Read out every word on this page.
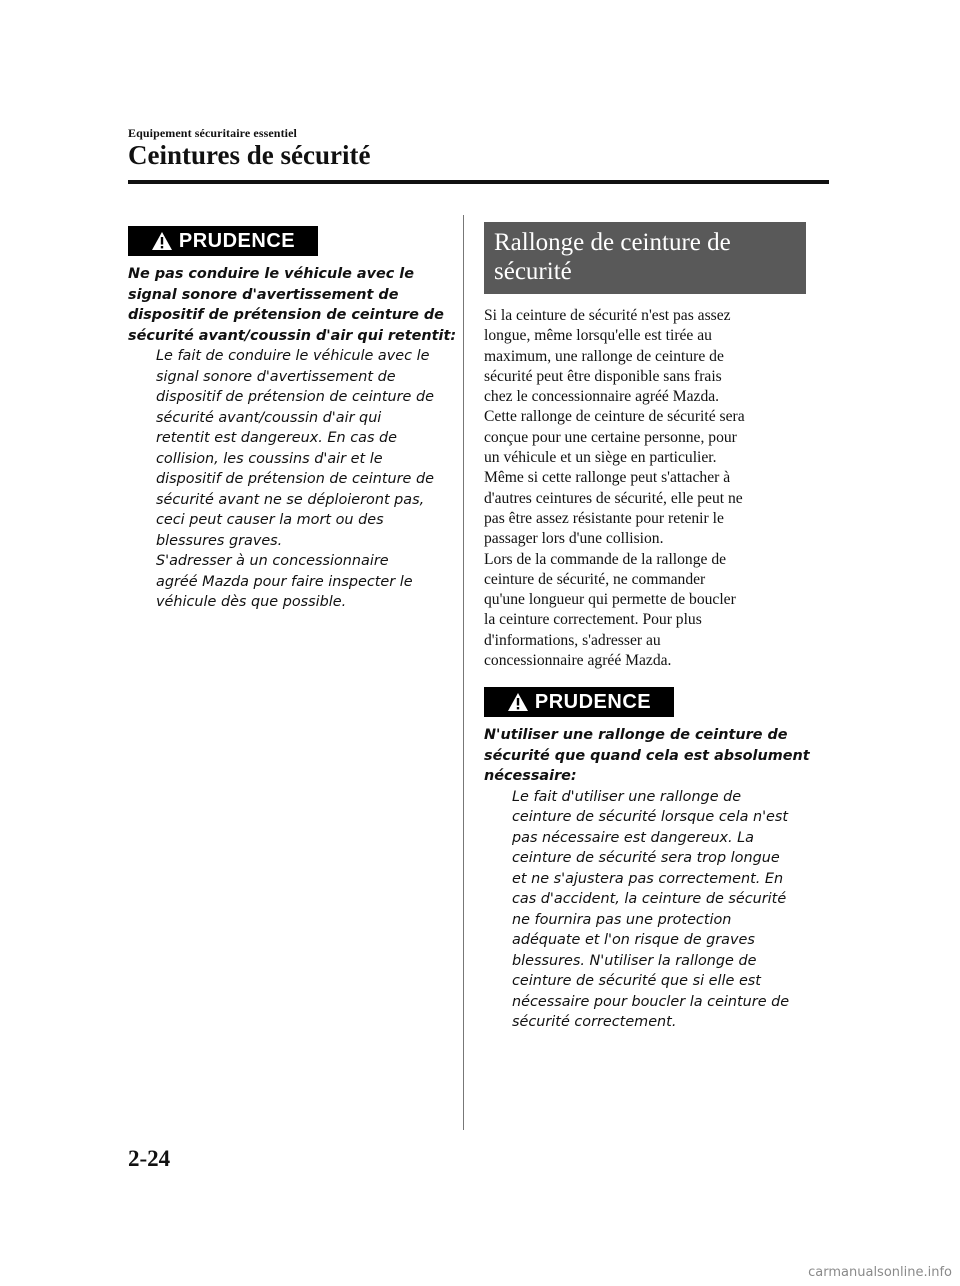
Equipement sécuritaire essentiel
Ceintures de sécurité
PRUDENCE
Ne pas conduire le véhicule avec le
signal sonore d'avertissement de
dispositif de prétension de ceinture de
sécurité avant/coussin d'air qui retentit:
Le fait de conduire le véhicule avec le
signal sonore d'avertissement de
dispositif de prétension de ceinture de
sécurité avant/coussin d'air qui
retentit est dangereux. En cas de
collision, les coussins d'air et le
dispositif de prétension de ceinture de
sécurité avant ne se déploieront pas,
ceci peut causer la mort ou des
blessures graves.
S'adresser à un concessionnaire
agréé Mazda pour faire inspecter le
véhicule dès que possible.
Rallonge de ceinture de
sécurité
Si la ceinture de sécurité n'est pas assez
longue, même lorsqu'elle est tirée au
maximum, une rallonge de ceinture de
sécurité peut être disponible sans frais
chez le concessionnaire agréé Mazda.
Cette rallonge de ceinture de sécurité sera
conçue pour une certaine personne, pour
un véhicule et un siège en particulier.
Même si cette rallonge peut s'attacher à
d'autres ceintures de sécurité, elle peut ne
pas être assez résistante pour retenir le
passager lors d'une collision.
Lors de la commande de la rallonge de
ceinture de sécurité, ne commander
qu'une longueur qui permette de boucler
la ceinture correctement. Pour plus
d'informations, s'adresser au
concessionnaire agréé Mazda.
PRUDENCE
N'utiliser une rallonge de ceinture de
sécurité que quand cela est absolument
nécessaire:
Le fait d'utiliser une rallonge de
ceinture de sécurité lorsque cela n'est
pas nécessaire est dangereux. La
ceinture de sécurité sera trop longue
et ne s'ajustera pas correctement. En
cas d'accident, la ceinture de sécurité
ne fournira pas une protection
adéquate et l'on risque de graves
blessures. N'utiliser la rallonge de
ceinture de sécurité que si elle est
nécessaire pour boucler la ceinture de
sécurité correctement.
2-24
carmanualsonline.info
